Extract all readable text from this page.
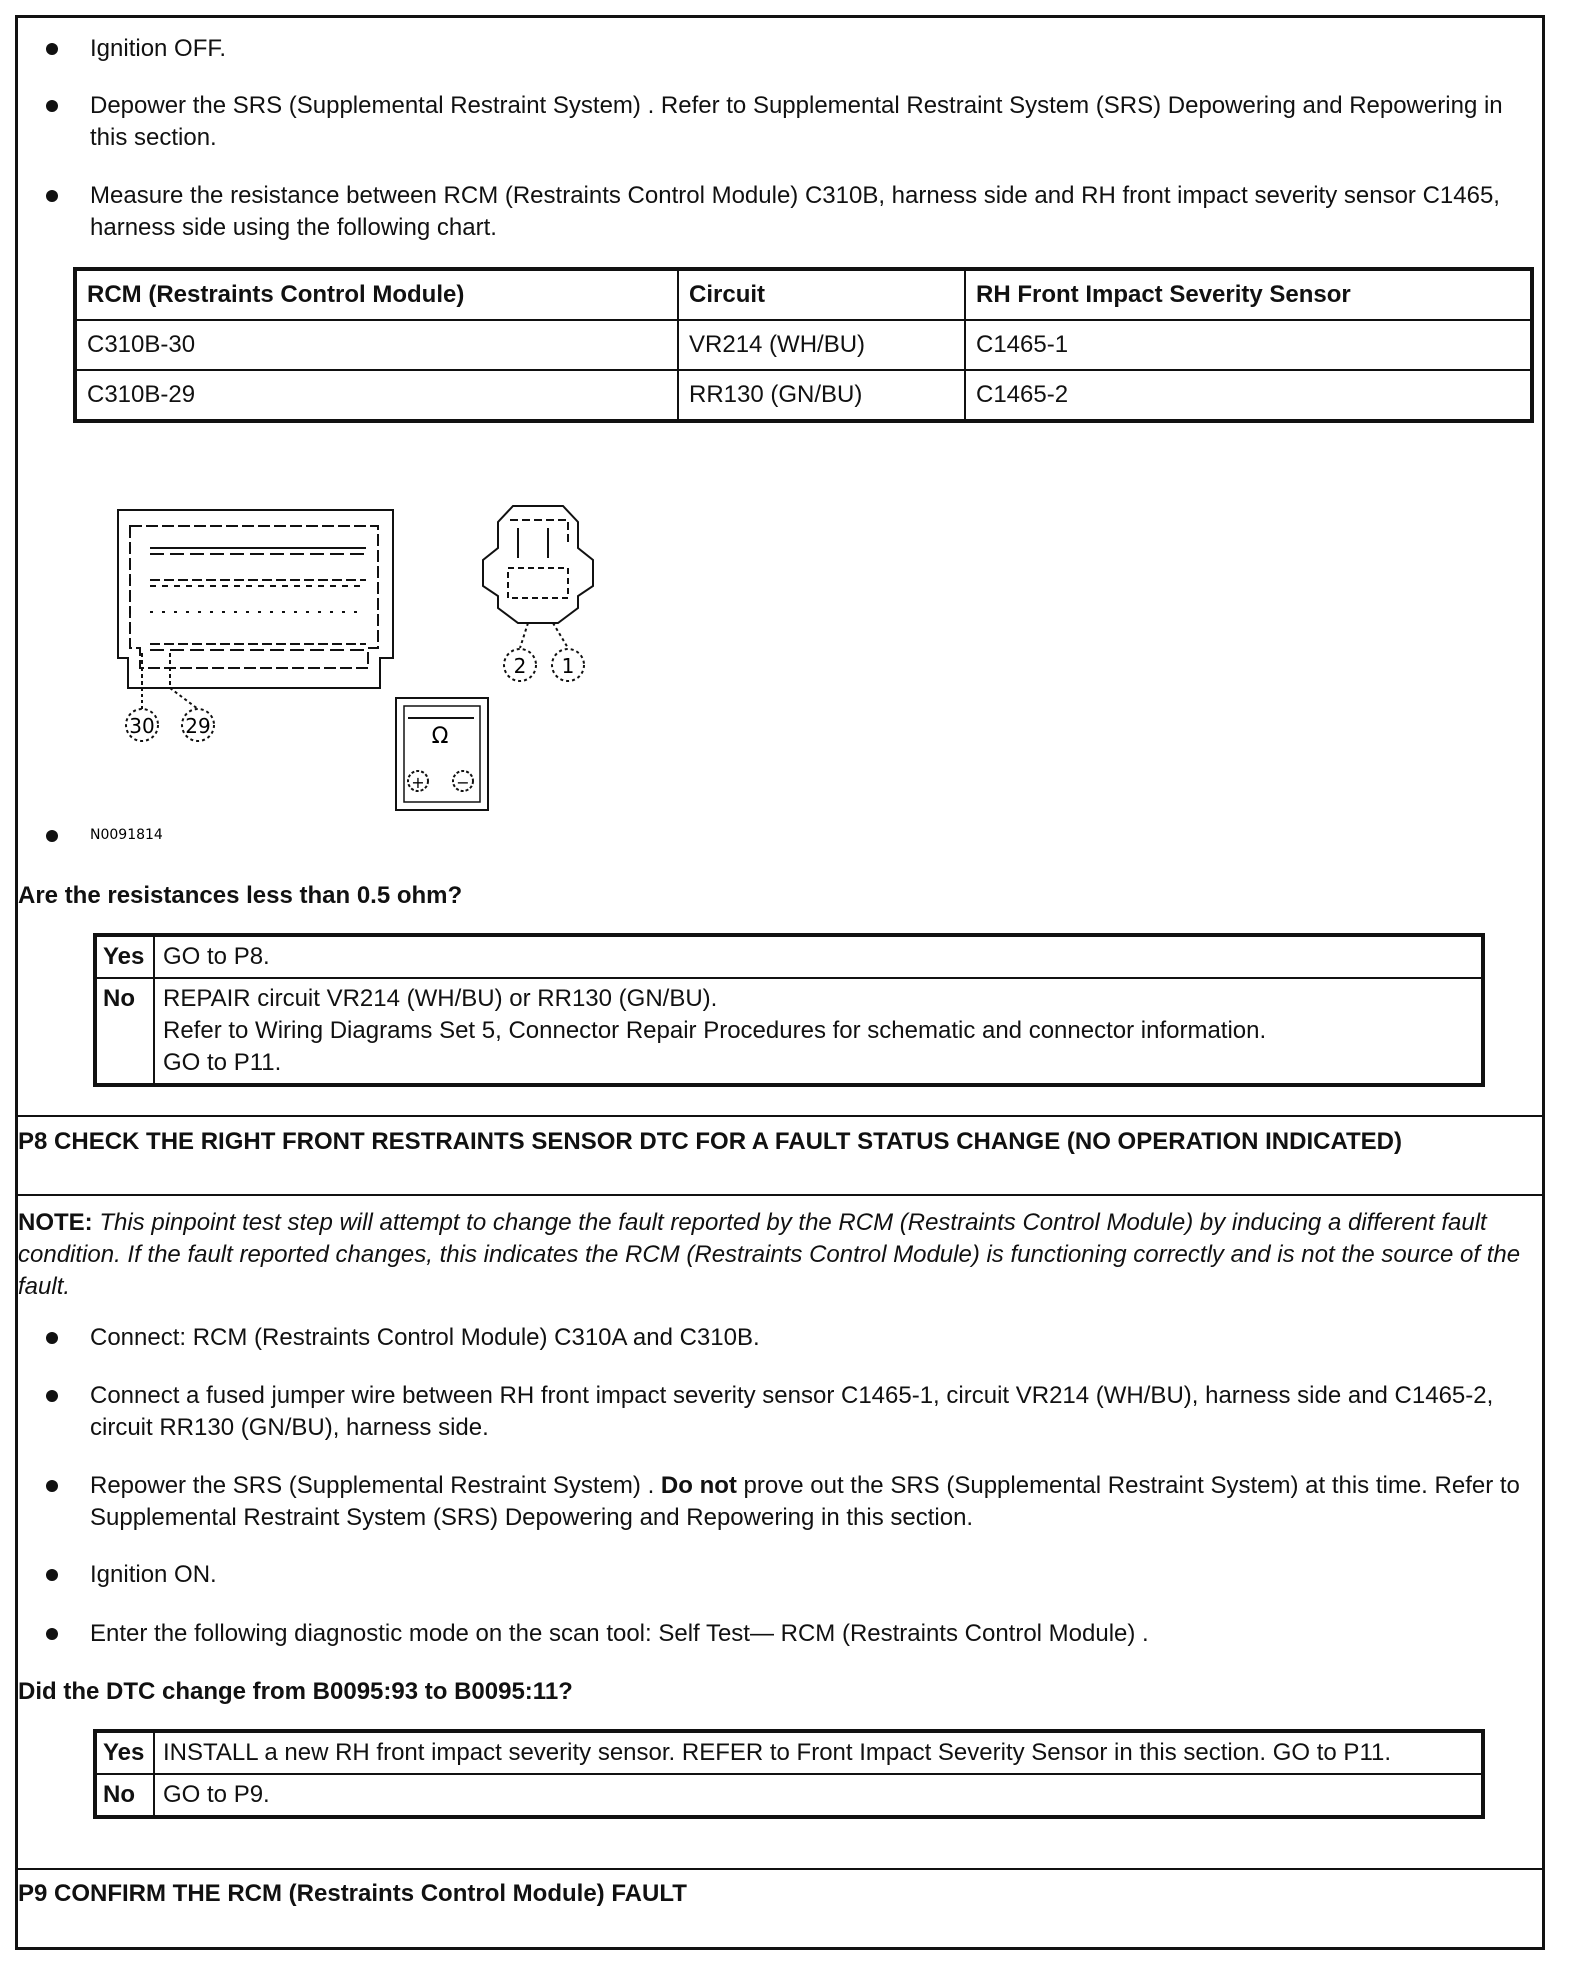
Ignition OFF.
Depower the SRS (Supplemental Restraint System) . Refer to Supplemental Restraint System (SRS) Depowering and Repowering in this section.
Measure the resistance between RCM (Restraints Control Module) C310B, harness side and RH front impact severity sensor C1465, harness side using the following chart.
RCM (Restraints Control Module)	Circuit	RH Front Impact Severity Sensor
C310B-30	VR214 (WH/BU)	C1465-1
C310B-29	RR130 (GN/BU)	C1465-2
30 29
2 1
Ω
+ −
N0091814
Are the resistances less than 0.5 ohm?
Yes	GO to P8.
No	REPAIR circuit VR214 (WH/BU) or RR130 (GN/BU).
Refer to Wiring Diagrams Set 5, Connector Repair Procedures for schematic and connector information.
GO to P11.
P8 CHECK THE RIGHT FRONT RESTRAINTS SENSOR DTC FOR A FAULT STATUS CHANGE (NO OPERATION INDICATED)
NOTE: This pinpoint test step will attempt to change the fault reported by the RCM (Restraints Control Module) by inducing a different fault condition. If the fault reported changes, this indicates the RCM (Restraints Control Module) is functioning correctly and is not the source of the fault.
Connect: RCM (Restraints Control Module) C310A and C310B.
Connect a fused jumper wire between RH front impact severity sensor C1465-1, circuit VR214 (WH/BU), harness side and C1465-2, circuit RR130 (GN/BU), harness side.
Repower the SRS (Supplemental Restraint System) . Do not prove out the SRS (Supplemental Restraint System) at this time. Refer to Supplemental Restraint System (SRS) Depowering and Repowering in this section.
Ignition ON.
Enter the following diagnostic mode on the scan tool: Self Test— RCM (Restraints Control Module) .
Did the DTC change from B0095:93 to B0095:11?
Yes	INSTALL a new RH front impact severity sensor. REFER to Front Impact Severity Sensor in this section. GO to P11.
No	GO to P9.
P9 CONFIRM THE RCM (Restraints Control Module) FAULT
